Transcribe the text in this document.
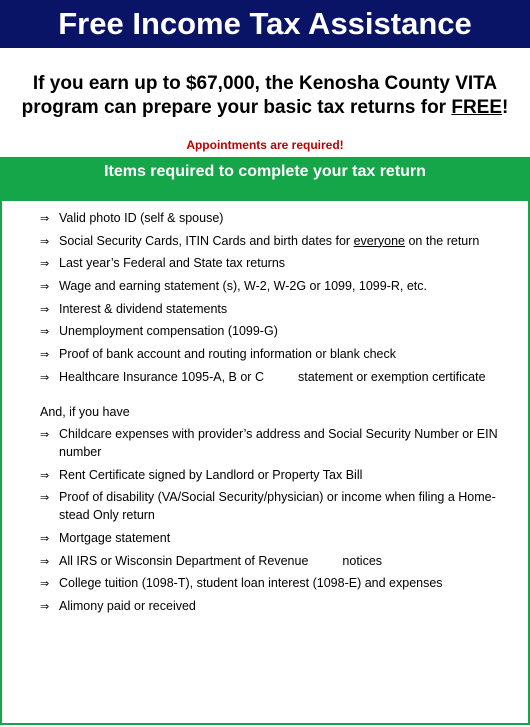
Free Income Tax Assistance
If you earn up to $67,000, the Kenosha County VITA
program can prepare your basic tax returns for FREE!
Appointments are required!
Items required to complete your tax return
⇒ Valid photo ID (self & spouse)
⇒ Social Security Cards, ITIN Cards and birth dates for everyone on the return
⇒ Last year’s Federal and State tax returns
⇒ Wage and earning statement (s), W-2, W-2G or 1099, 1099-R, etc.
⇒ Interest & dividend statements
⇒ Unemployment compensation (1099-G)
⇒ Proof of bank account and routing information or blank check
⇒ Healthcare Insurance 1095-A, B or C	statement or exemption certificate
And, if you have
⇒ Childcare expenses with provider’s address and Social Security Number or EIN number
⇒ Rent Certificate signed by Landlord or Property Tax Bill
⇒ Proof of disability (VA/Social Security/physician) or income when filing a Home-stead Only return
⇒ Mortgage statement
⇒ All IRS or Wisconsin Department of Revenue	notices
⇒ College tuition (1098-T), student loan interest (1098-E) and expenses
⇒ Alimony paid or received
